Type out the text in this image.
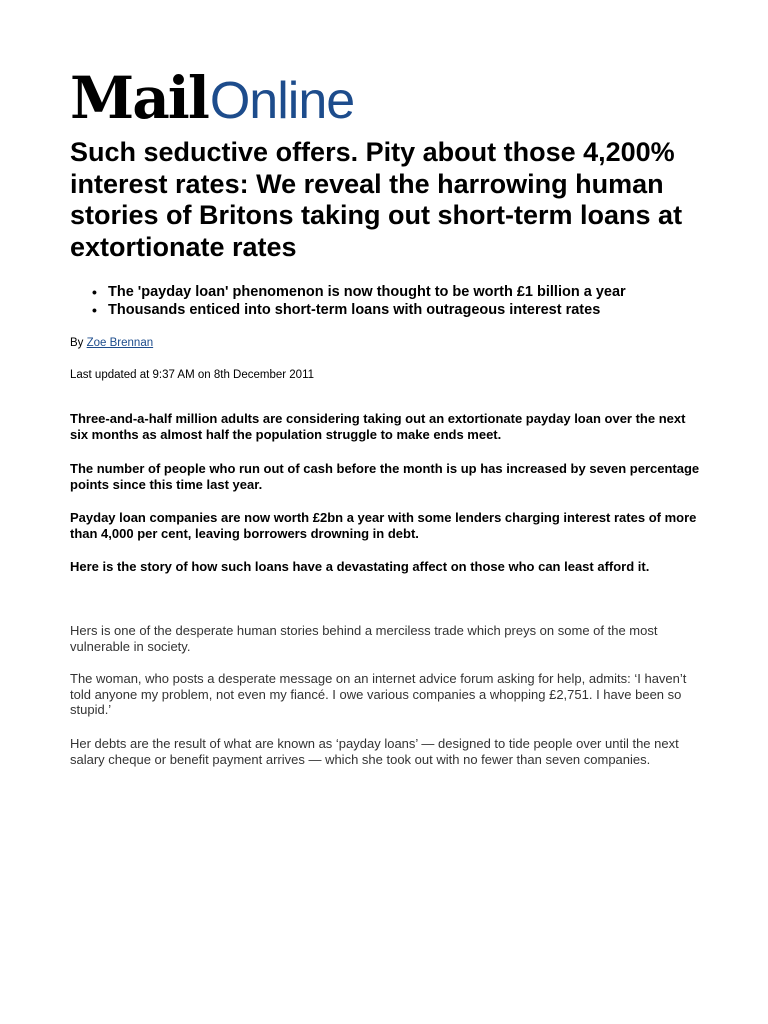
MailOnline
Such seductive offers. Pity about those 4,200% interest rates: We reveal the harrowing human stories of Britons taking out short-term loans at extortionate rates
• The 'payday loan' phenomenon is now thought to be worth £1 billion a year
• Thousands enticed into short-term loans with outrageous interest rates
By Zoe Brennan
Last updated at 9:37 AM on 8th December 2011

Three-and-a-half million adults are considering taking out an extortionate payday loan over the next six months as almost half the population struggle to make ends meet.

The number of people who run out of cash before the month is up has increased by seven percentage points since this time last year.

Payday loan companies are now worth £2bn a year with some lenders charging interest rates of more than 4,000 per cent, leaving borrowers drowning in debt.

Here is the story of how such loans have a devastating affect on those who can least afford it.

Hers is one of the desperate human stories behind a merciless trade which preys on some of the most vulnerable in society.

The woman, who posts a desperate message on an internet advice forum asking for help, admits: ‘I haven’t told anyone my problem, not even my fiancé. I owe various companies a whopping £2,751. I have been so stupid.’

Her debts are the result of what are known as ‘payday loans’ — designed to tide people over until the next salary cheque or benefit payment arrives — which she took out with no fewer than seven companies.
